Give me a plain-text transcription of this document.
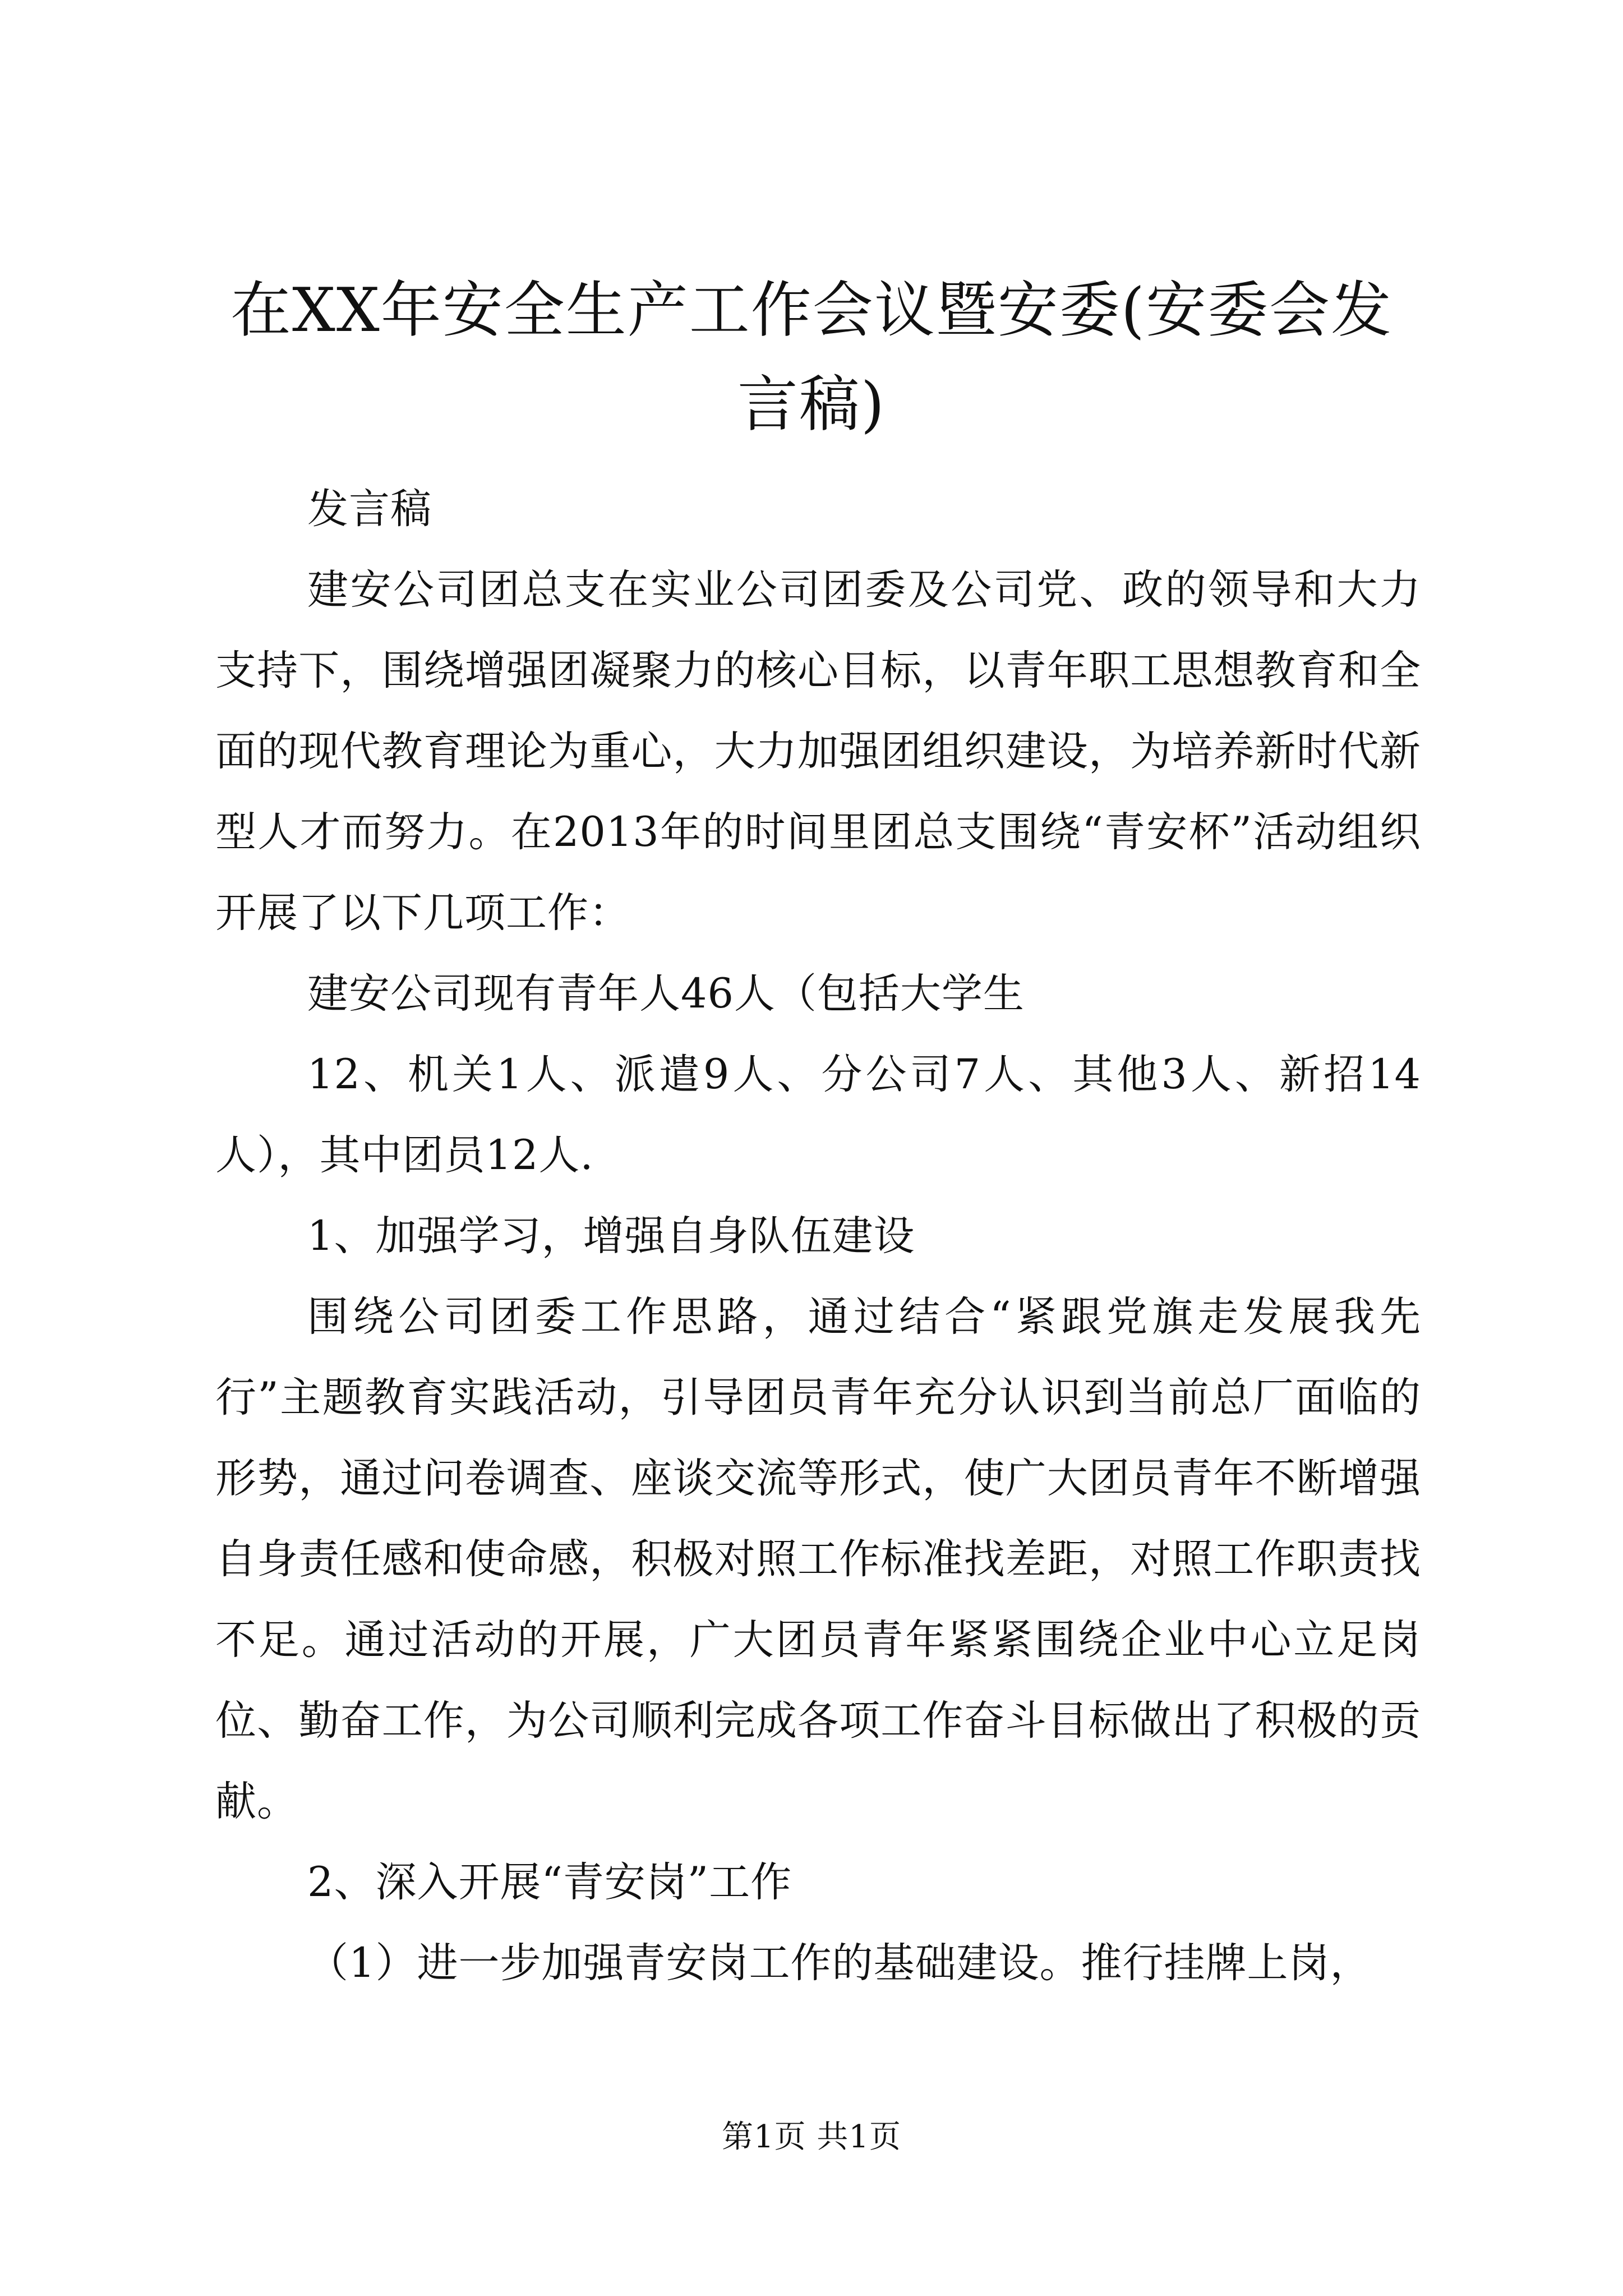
在XX年安全生产工作会议暨安委(安委会发言稿)

发言稿

建安公司团总支在实业公司团委及公司党、政的领导和大力支持下，围绕增强团凝聚力的核心目标，以青年职工思想教育和全面的现代教育理论为重心，大力加强团组织建设，为培养新时代新型人才而努力。在2013年的时间里团总支围绕“青安杯”活动组织开展了以下几项工作：

建安公司现有青年人46人（包括大学生

12、机关1人、派遣9人、分公司7人、其他3人、新招14人），其中团员12人.

1、加强学习，增强自身队伍建设

围绕公司团委工作思路，通过结合“紧跟党旗走发展我先行”主题教育实践活动，引导团员青年充分认识到当前总厂面临的形势，通过问卷调查、座谈交流等形式，使广大团员青年不断增强自身责任感和使命感，积极对照工作标准找差距，对照工作职责找不足。通过活动的开展，广大团员青年紧紧围绕企业中心立足岗位、勤奋工作，为公司顺利完成各项工作奋斗目标做出了积极的贡献。

2、深入开展“青安岗”工作

（1）进一步加强青安岗工作的基础建设。推行挂牌上岗，

第1页 共1页
